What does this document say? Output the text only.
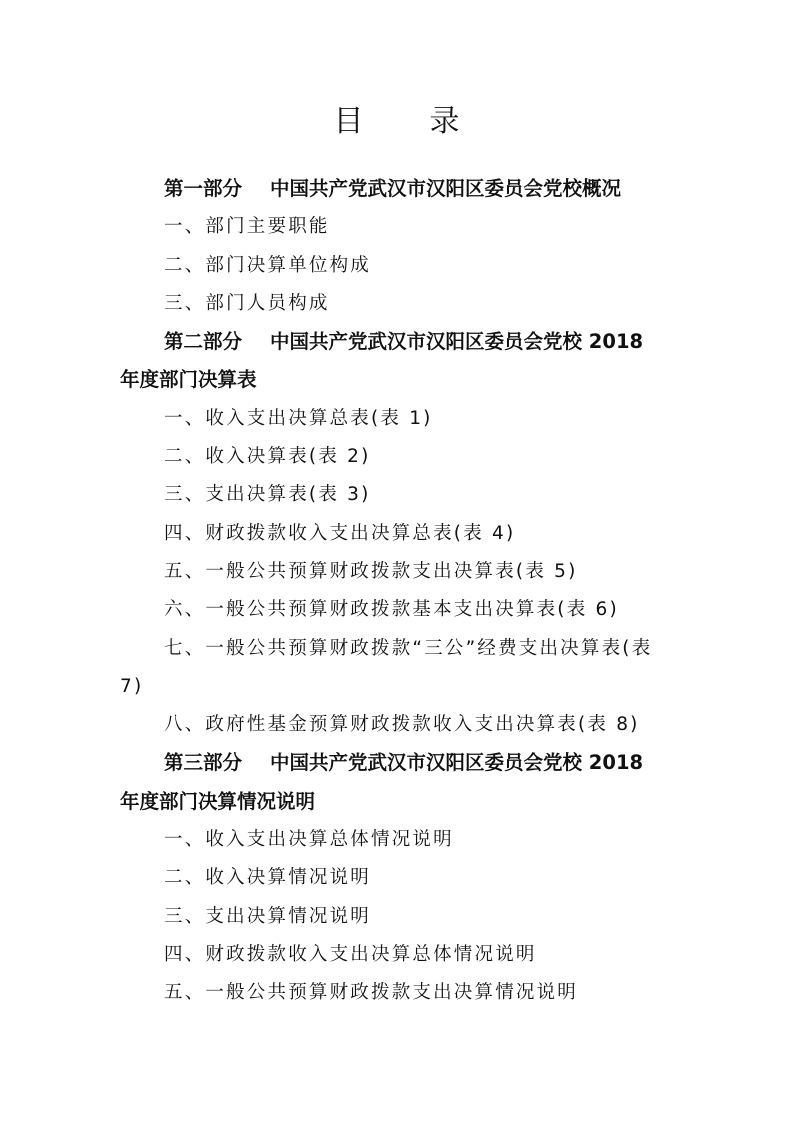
目 录
第一部分 中国共产党武汉市汉阳区委员会党校概况
一、部门主要职能
二、部门决算单位构成
三、部门人员构成
第二部分 中国共产党武汉市汉阳区委员会党校 2018
年度部门决算表
一、收入支出决算总表(表 1)
二、收入决算表(表 2)
三、支出决算表(表 3)
四、财政拨款收入支出决算总表(表 4)
五、一般公共预算财政拨款支出决算表(表 5)
六、一般公共预算财政拨款基本支出决算表(表 6)
七、一般公共预算财政拨款“三公”经费支出决算表(表
7)
八、政府性基金预算财政拨款收入支出决算表(表 8)
第三部分 中国共产党武汉市汉阳区委员会党校 2018
年度部门决算情况说明
一、收入支出决算总体情况说明
二、收入决算情况说明
三、支出决算情况说明
四、财政拨款收入支出决算总体情况说明
五、一般公共预算财政拨款支出决算情况说明
